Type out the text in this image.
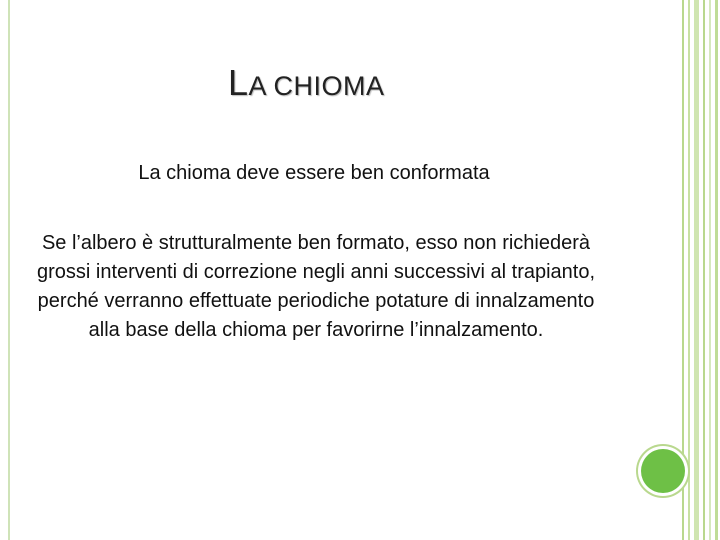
LA CHIOMA
La chioma deve essere ben conformata
Se l’albero è strutturalmente ben formato, esso non richiederà grossi interventi di correzione negli anni successivi al trapianto, perché verranno effettuate periodiche potature di innalzamento alla base della chioma per favorirne l’innalzamento.
